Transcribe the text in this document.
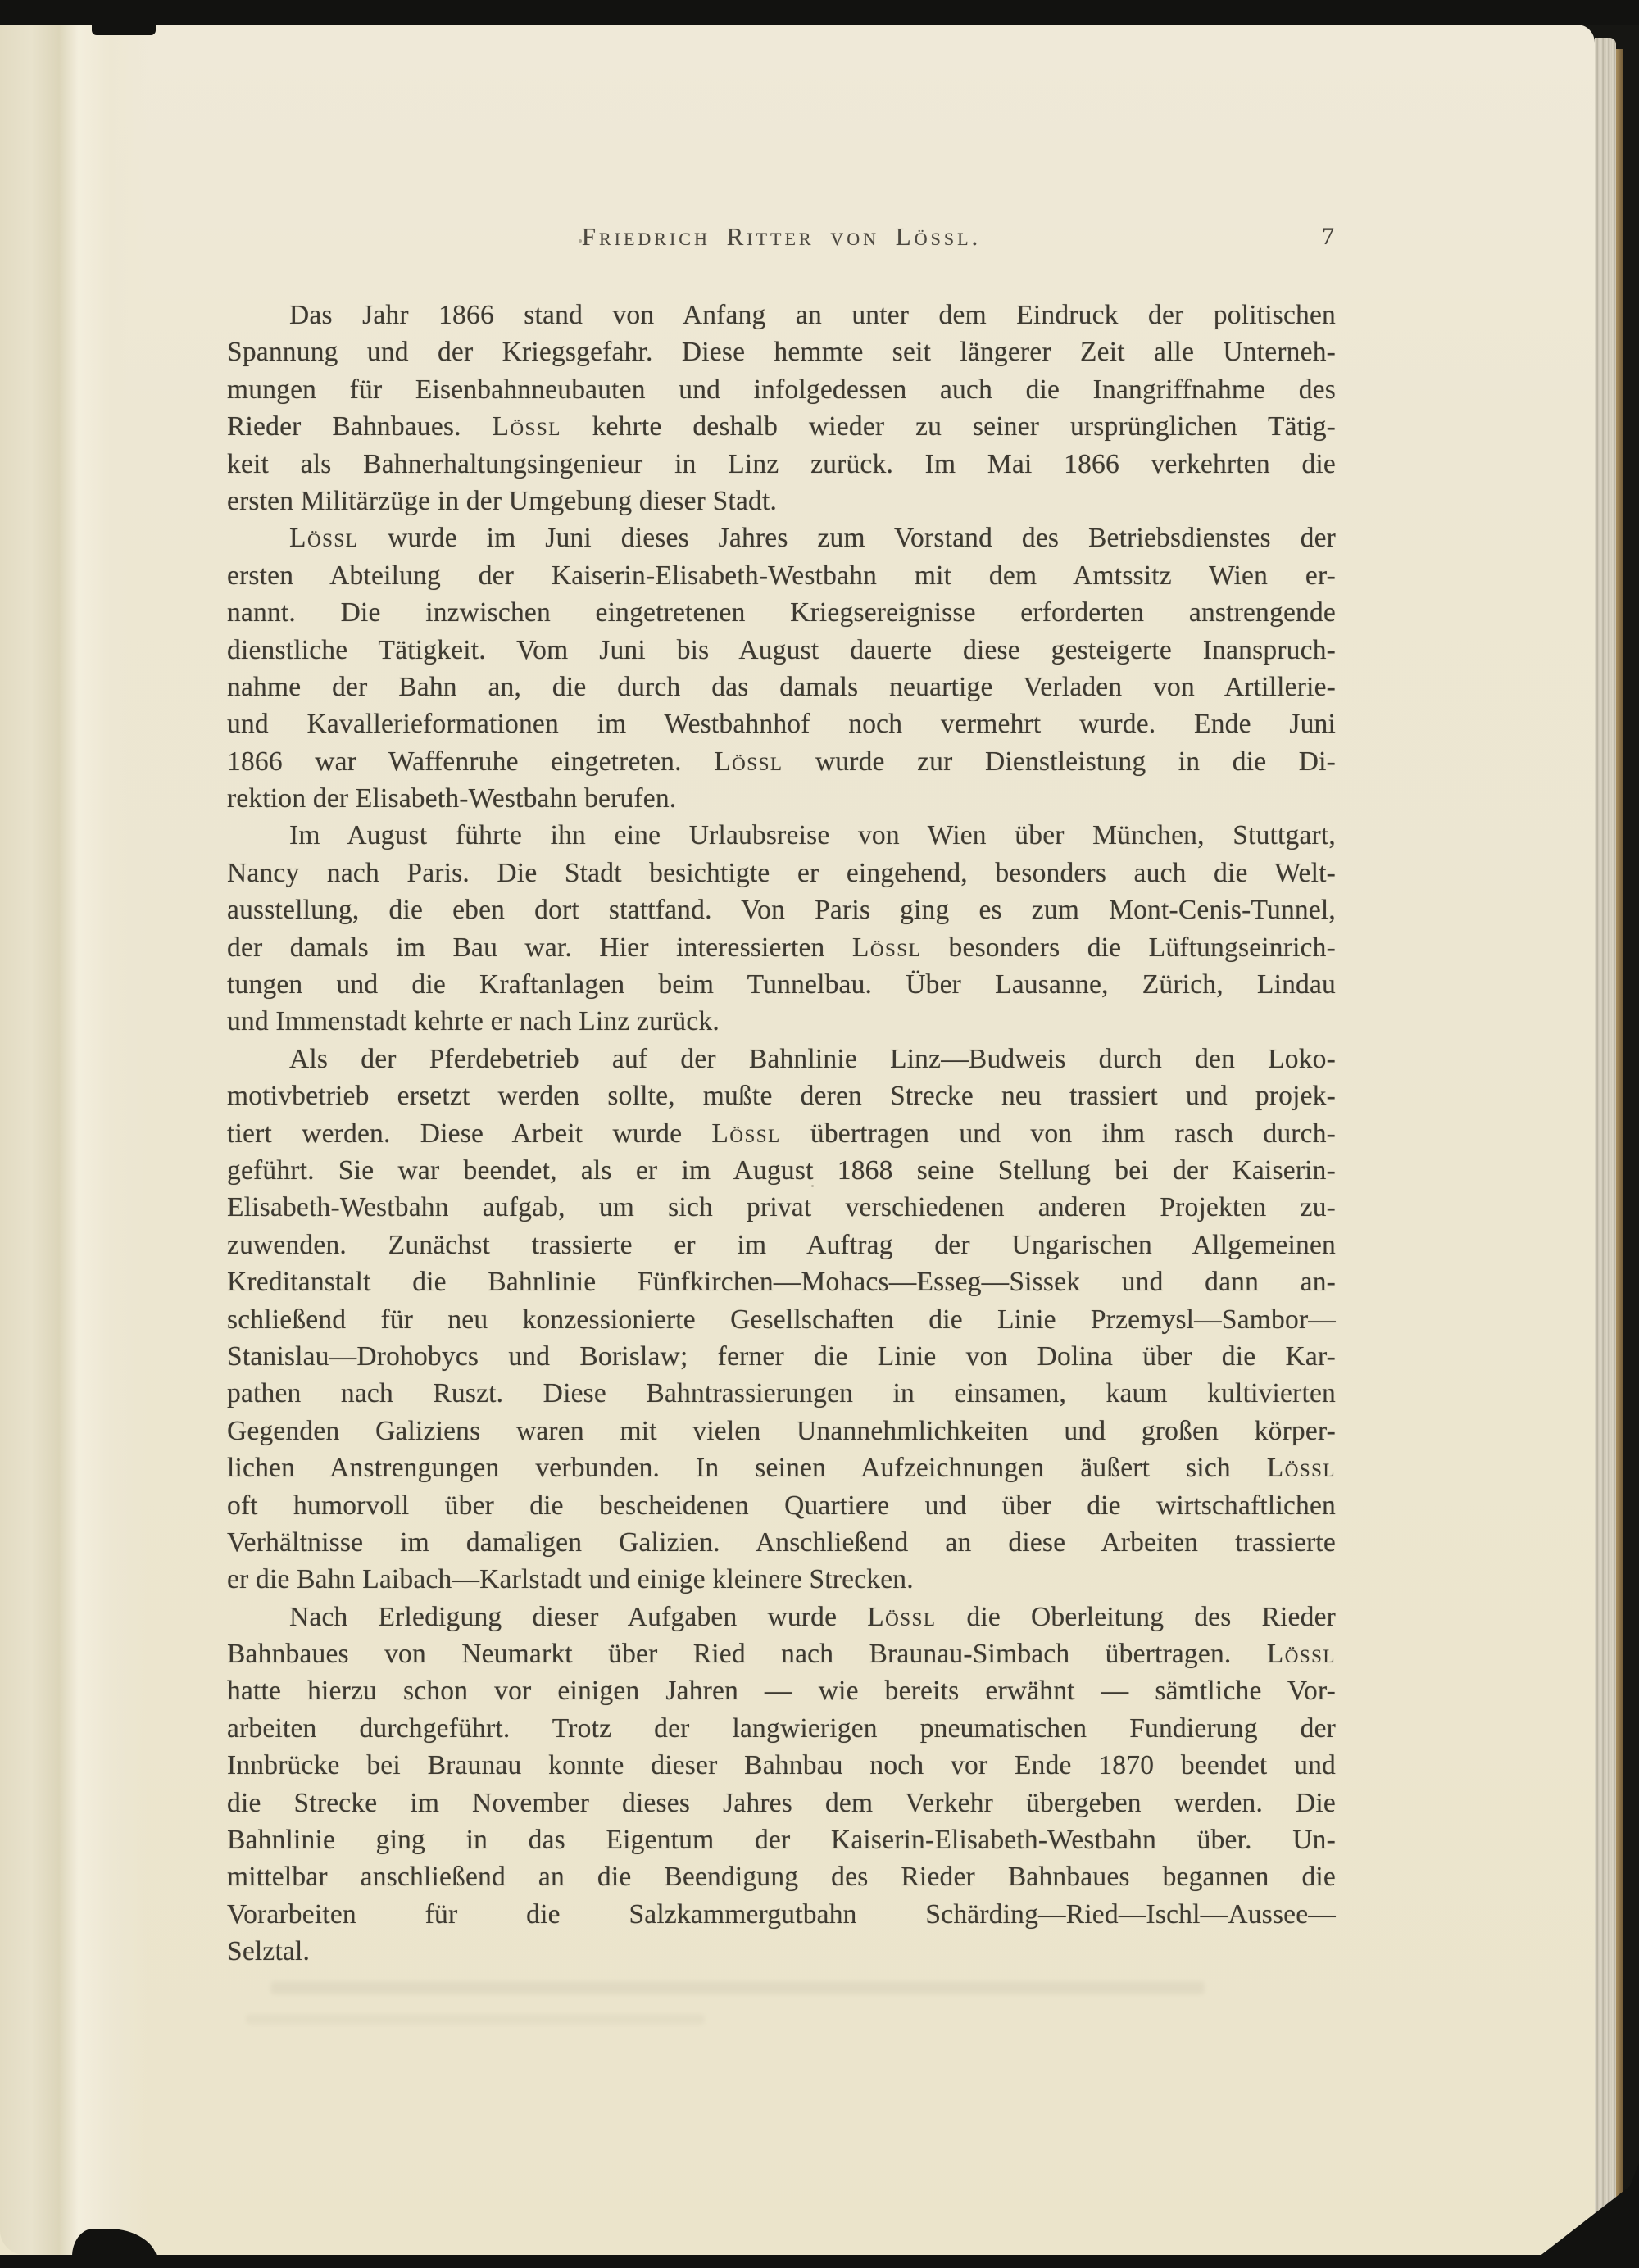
Friedrich Ritter von Lössl.	7
Das Jahr 1866 stand von Anfang an unter dem Eindruck der politischen
Spannung und der Kriegsgefahr. Diese hemmte seit längerer Zeit alle Unterneh-
mungen für Eisenbahnneubauten und infolgedessen auch die Inangriffnahme des
Rieder Bahnbaues. Lössl kehrte deshalb wieder zu seiner ursprünglichen Tätig-
keit als Bahnerhaltungsingenieur in Linz zurück. Im Mai 1866 verkehrten die
ersten Militärzüge in der Umgebung dieser Stadt.
Lössl wurde im Juni dieses Jahres zum Vorstand des Betriebsdienstes der
ersten Abteilung der Kaiserin-Elisabeth-Westbahn mit dem Amtssitz Wien er-
nannt. Die inzwischen eingetretenen Kriegsereignisse erforderten anstrengende
dienstliche Tätigkeit. Vom Juni bis August dauerte diese gesteigerte Inanspruch-
nahme der Bahn an, die durch das damals neuartige Verladen von Artillerie-
und Kavallerieformationen im Westbahnhof noch vermehrt wurde. Ende Juni
1866 war Waffenruhe eingetreten. Lössl wurde zur Dienstleistung in die Di-
rektion der Elisabeth-Westbahn berufen.
Im August führte ihn eine Urlaubsreise von Wien über München, Stuttgart,
Nancy nach Paris. Die Stadt besichtigte er eingehend, besonders auch die Welt-
ausstellung, die eben dort stattfand. Von Paris ging es zum Mont-Cenis-Tunnel,
der damals im Bau war. Hier interessierten Lössl besonders die Lüftungseinrich-
tungen und die Kraftanlagen beim Tunnelbau. Über Lausanne, Zürich, Lindau
und Immenstadt kehrte er nach Linz zurück.
Als der Pferdebetrieb auf der Bahnlinie Linz—Budweis durch den Loko-
motivbetrieb ersetzt werden sollte, mußte deren Strecke neu trassiert und projek-
tiert werden. Diese Arbeit wurde Lössl übertragen und von ihm rasch durch-
geführt. Sie war beendet, als er im August 1868 seine Stellung bei der Kaiserin-
Elisabeth-Westbahn aufgab, um sich privat verschiedenen anderen Projekten zu-
zuwenden. Zunächst trassierte er im Auftrag der Ungarischen Allgemeinen
Kreditanstalt die Bahnlinie Fünfkirchen—Mohacs—Esseg—Sissek und dann an-
schließend für neu konzessionierte Gesellschaften die Linie Przemysl—Sambor—
Stanislau—Drohobycs und Borislaw; ferner die Linie von Dolina über die Kar-
pathen nach Ruszt. Diese Bahntrassierungen in einsamen, kaum kultivierten
Gegenden Galiziens waren mit vielen Unannehmlichkeiten und großen körper-
lichen Anstrengungen verbunden. In seinen Aufzeichnungen äußert sich Lössl
oft humorvoll über die bescheidenen Quartiere und über die wirtschaftlichen
Verhältnisse im damaligen Galizien. Anschließend an diese Arbeiten trassierte
er die Bahn Laibach—Karlstadt und einige kleinere Strecken.
Nach Erledigung dieser Aufgaben wurde Lössl die Oberleitung des Rieder
Bahnbaues von Neumarkt über Ried nach Braunau-Simbach übertragen. Lössl
hatte hierzu schon vor einigen Jahren — wie bereits erwähnt — sämtliche Vor-
arbeiten durchgeführt. Trotz der langwierigen pneumatischen Fundierung der
Innbrücke bei Braunau konnte dieser Bahnbau noch vor Ende 1870 beendet und
die Strecke im November dieses Jahres dem Verkehr übergeben werden. Die
Bahnlinie ging in das Eigentum der Kaiserin-Elisabeth-Westbahn über. Un-
mittelbar anschließend an die Beendigung des Rieder Bahnbaues begannen die
Vorarbeiten für die Salzkammergutbahn Schärding—Ried—Ischl—Aussee—
Selztal.
